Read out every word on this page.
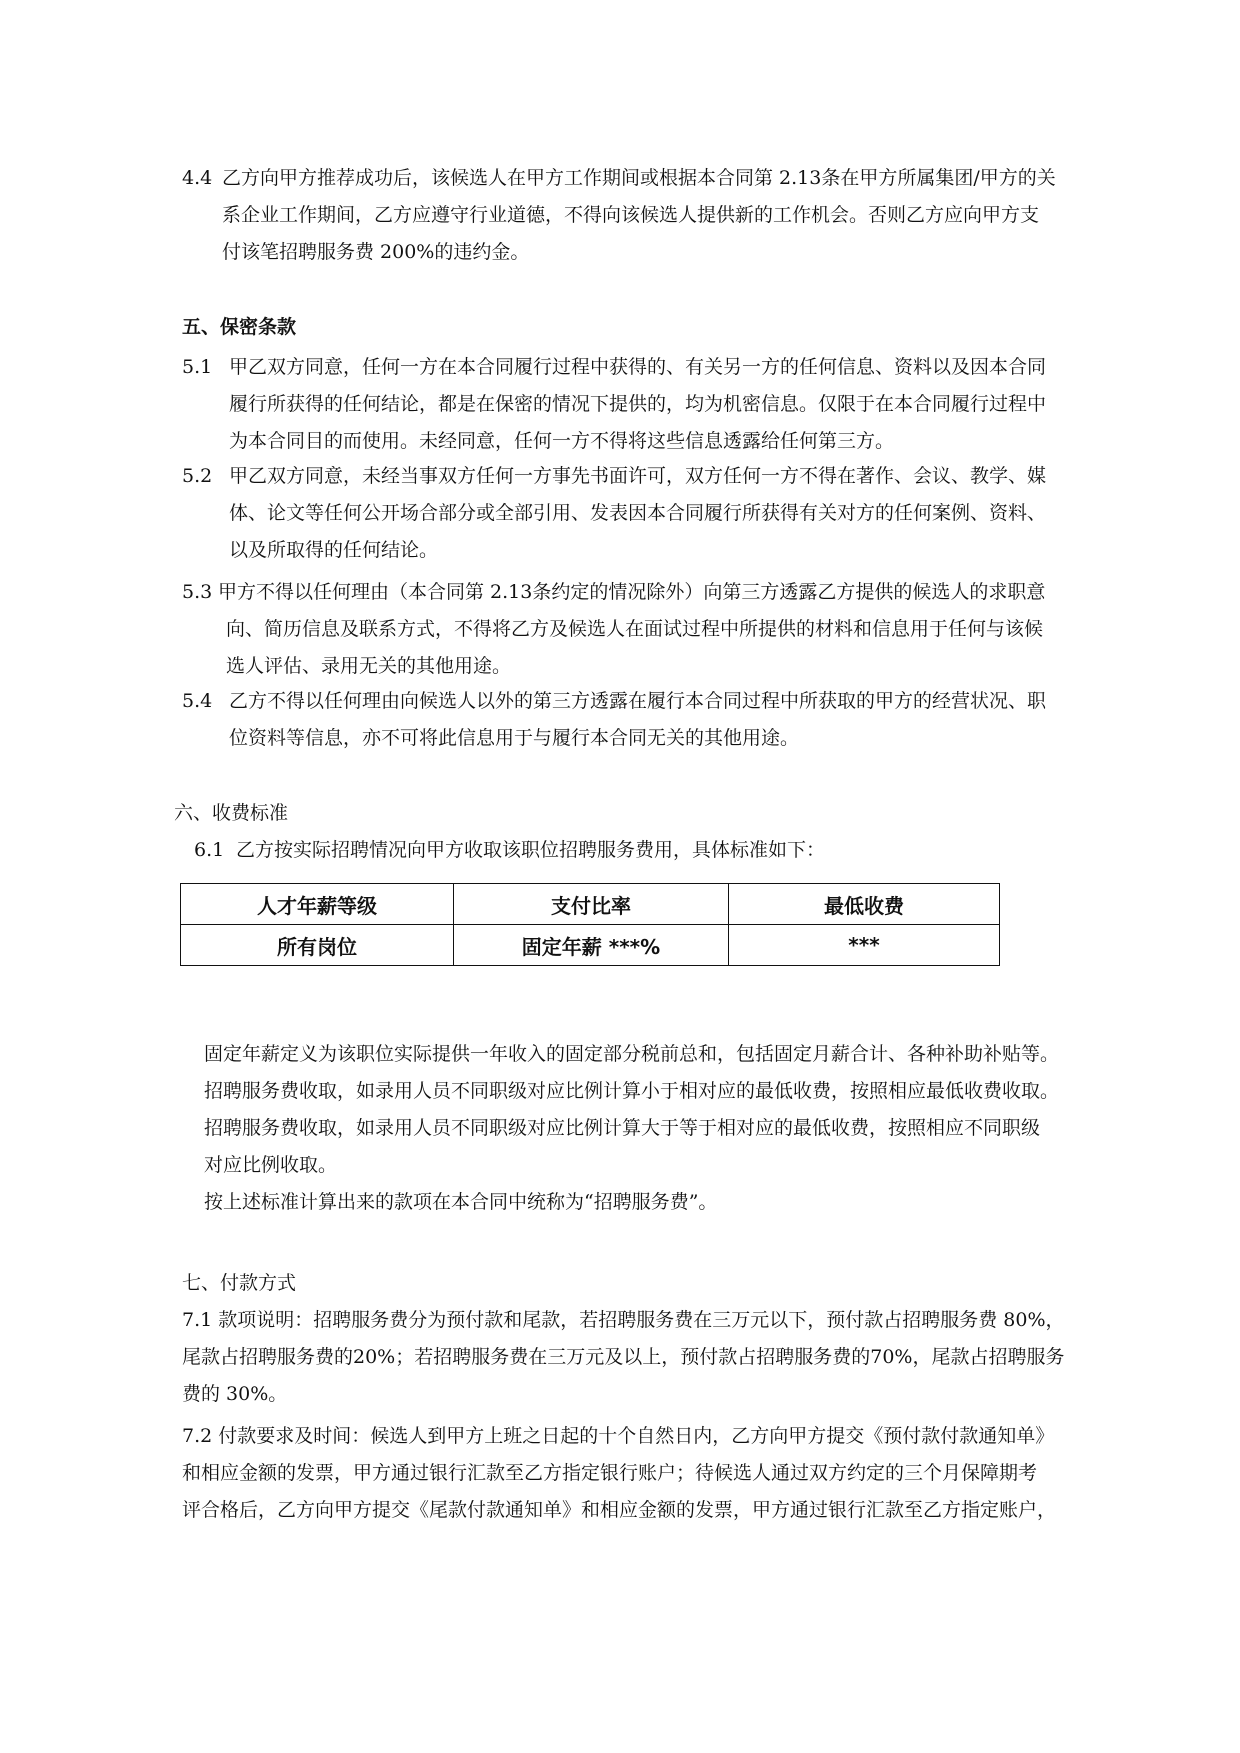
4.4 乙方向甲方推荐成功后，该候选人在甲方工作期间或根据本合同第 2.13条在甲方所属集团/甲方的关
系企业工作期间，乙方应遵守行业道德，不得向该候选人提供新的工作机会。否则乙方应向甲方支
付该笔招聘服务费 200%的违约金。
五、保密条款
5.1 甲乙双方同意，任何一方在本合同履行过程中获得的、有关另一方的任何信息、资料以及因本合同
履行所获得的任何结论，都是在保密的情况下提供的，均为机密信息。仅限于在本合同履行过程中
为本合同目的而使用。未经同意，任何一方不得将这些信息透露给任何第三方。
5.2 甲乙双方同意，未经当事双方任何一方事先书面许可，双方任何一方不得在著作、会议、教学、媒
体、论文等任何公开场合部分或全部引用、发表因本合同履行所获得有关对方的任何案例、资料、
以及所取得的任何结论。
5.3 甲方不得以任何理由（本合同第 2.13条约定的情况除外）向第三方透露乙方提供的候选人的求职意
向、简历信息及联系方式，不得将乙方及候选人在面试过程中所提供的材料和信息用于任何与该候
选人评估、录用无关的其他用途。
5.4 乙方不得以任何理由向候选人以外的第三方透露在履行本合同过程中所获取的甲方的经营状况、职
位资料等信息，亦不可将此信息用于与履行本合同无关的其他用途。
六、收费标准
6.1 乙方按实际招聘情况向甲方收取该职位招聘服务费用，具体标准如下：
人才年薪等级	支付比率	最低收费
所有岗位	固定年薪 ***%	***
固定年薪定义为该职位实际提供一年收入的固定部分税前总和，包括固定月薪合计、各种补助补贴等。
招聘服务费收取，如录用人员不同职级对应比例计算小于相对应的最低收费，按照相应最低收费收取。
招聘服务费收取，如录用人员不同职级对应比例计算大于等于相对应的最低收费，按照相应不同职级
对应比例收取。
按上述标准计算出来的款项在本合同中统称为“招聘服务费”。
七、付款方式
7.1 款项说明：招聘服务费分为预付款和尾款，若招聘服务费在三万元以下，预付款占招聘服务费 80%，
尾款占招聘服务费的20%；若招聘服务费在三万元及以上，预付款占招聘服务费的70%，尾款占招聘服务
费的 30%。
7.2 付款要求及时间：候选人到甲方上班之日起的十个自然日内，乙方向甲方提交《预付款付款通知单》
和相应金额的发票，甲方通过银行汇款至乙方指定银行账户；待候选人通过双方约定的三个月保障期考
评合格后，乙方向甲方提交《尾款付款通知单》和相应金额的发票，甲方通过银行汇款至乙方指定账户，
